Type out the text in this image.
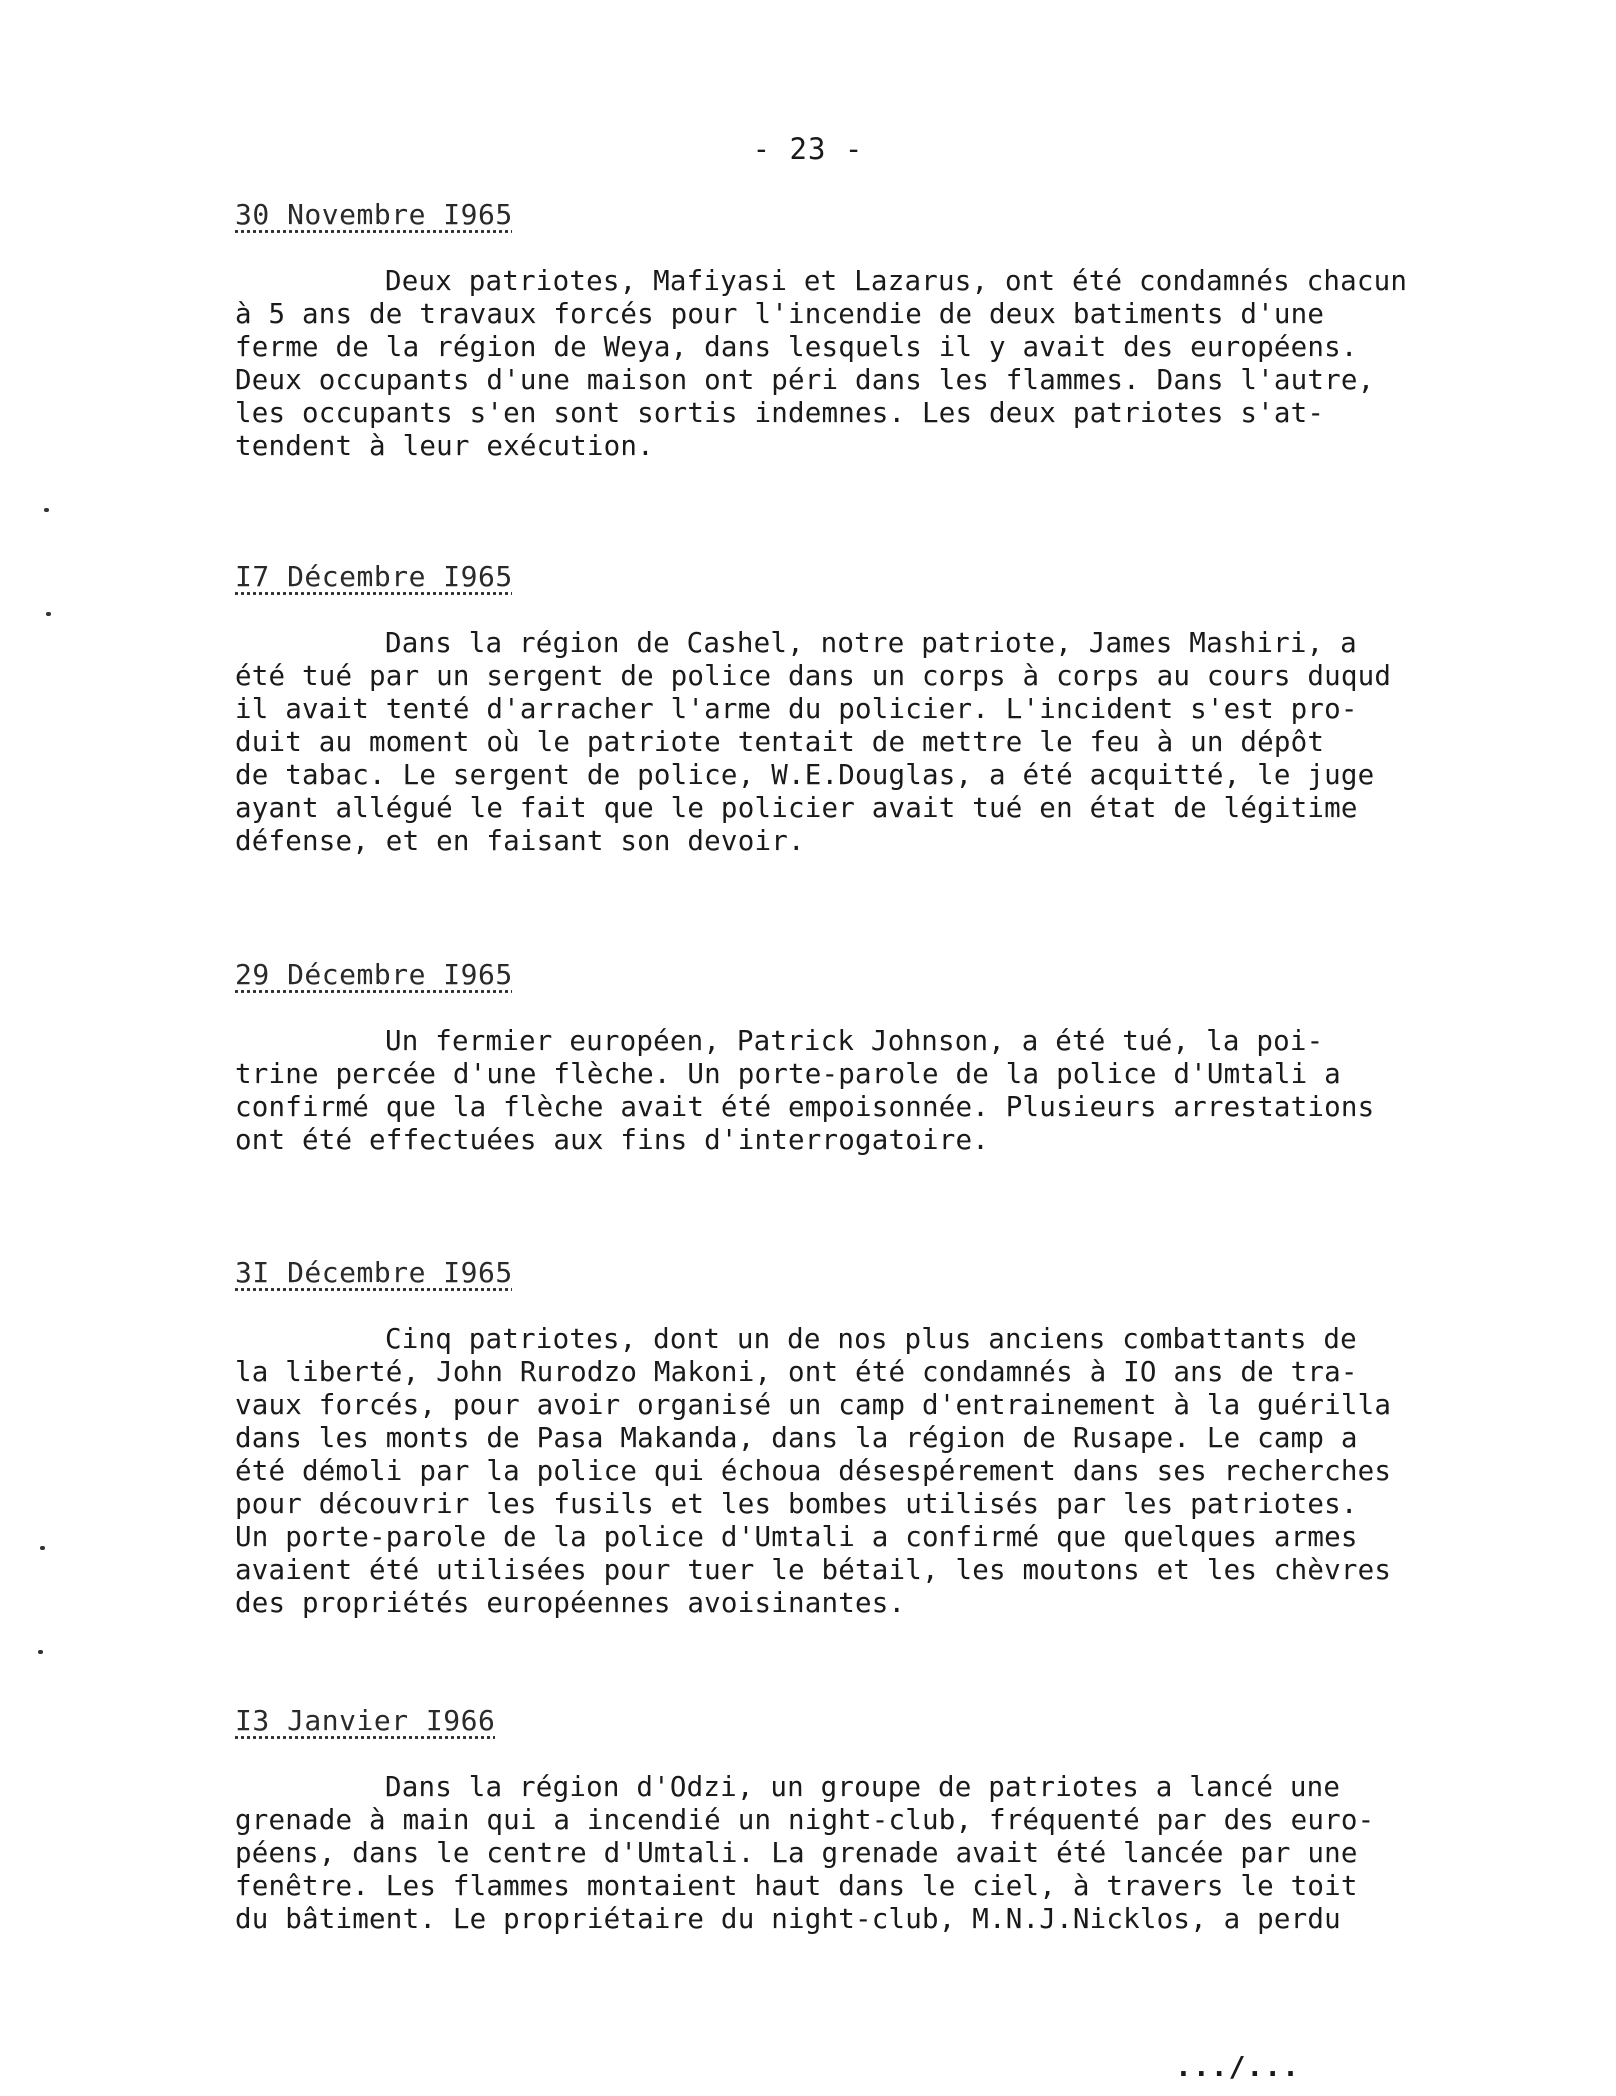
- 23 -
30 Novembre I965
Deux patriotes, Mafiyasi et Lazarus, ont été condamnés chacun
à 5 ans de travaux forcés pour l'incendie de deux batiments d'une
ferme de la région de Weya, dans lesquels il y avait des européens.
Deux occupants d'une maison ont péri dans les flammes. Dans l'autre,
les occupants s'en sont sortis indemnes. Les deux patriotes s'at-
tendent à leur exécution.
I7 Décembre I965
Dans la région de Cashel, notre patriote, James Mashiri, a
été tué par un sergent de police dans un corps à corps au cours duqud
il avait tenté d'arracher l'arme du policier. L'incident s'est pro-
duit au moment où le patriote tentait de mettre le feu à un dépôt
de tabac. Le sergent de police, W.E.Douglas, a été acquitté, le juge
ayant allégué le fait que le policier avait tué en état de légitime
défense, et en faisant son devoir.
29 Décembre I965
Un fermier européen, Patrick Johnson, a été tué, la poi-
trine percée d'une flèche. Un porte-parole de la police d'Umtali a
confirmé que la flèche avait été empoisonnée. Plusieurs arrestations
ont été effectuées aux fins d'interrogatoire.
3I Décembre I965
Cinq patriotes, dont un de nos plus anciens combattants de
la liberté, John Rurodzo Makoni, ont été condamnés à IO ans de tra-
vaux forcés, pour avoir organisé un camp d'entrainement à la guérilla
dans les monts de Pasa Makanda, dans la région de Rusape. Le camp a
été démoli par la police qui échoua désespérement dans ses recherches
pour découvrir les fusils et les bombes utilisés par les patriotes.
Un porte-parole de la police d'Umtali a confirmé que quelques armes
avaient été utilisées pour tuer le bétail, les moutons et les chèvres
des propriétés européennes avoisinantes.
I3 Janvier I966
Dans la région d'Odzi, un groupe de patriotes a lancé une
grenade à main qui a incendié un night-club, fréquenté par des euro-
péens, dans le centre d'Umtali. La grenade avait été lancée par une
fenêtre. Les flammes montaient haut dans le ciel, à travers le toit
du bâtiment. Le propriétaire du night-club, M.N.J.Nicklos, a perdu
.../...
